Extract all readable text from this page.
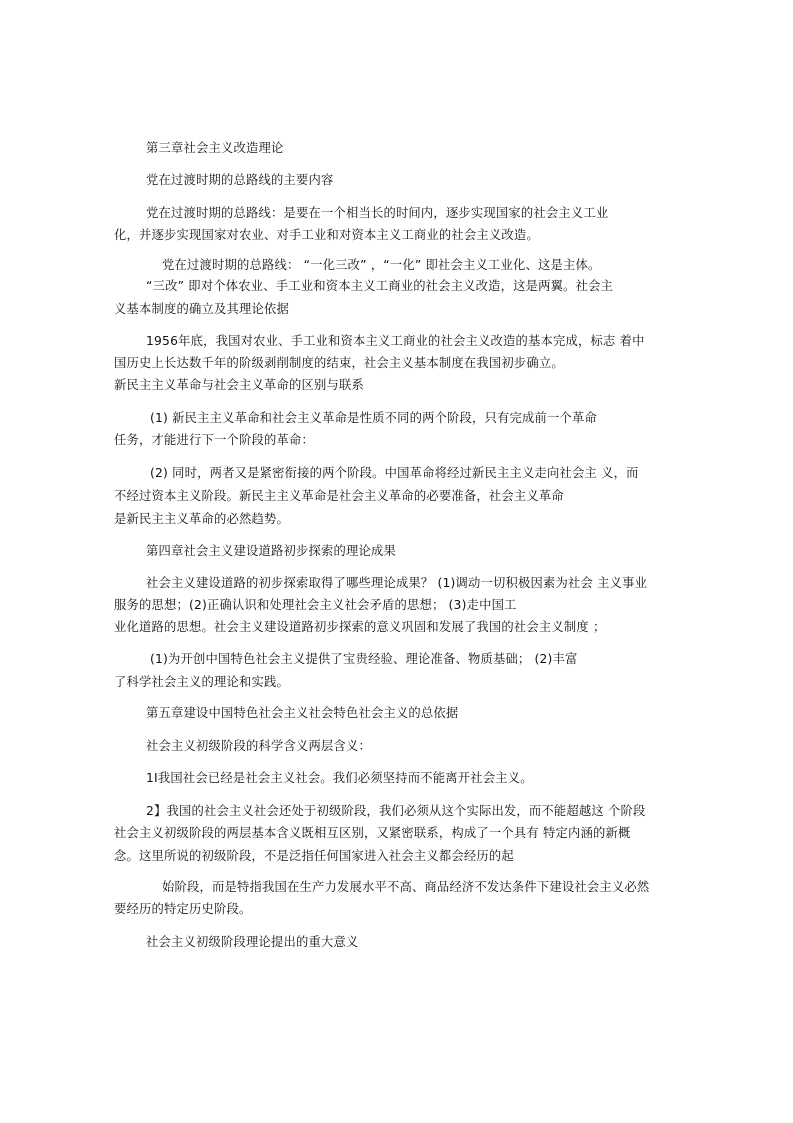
第三章社会主义改造理论
党在过渡时期的总路线的主要内容
党在过渡时期的总路线：是要在一个相当长的时间内，逐步实现国家的社会主义工业
化，并逐步实现国家对农业、对手工业和对资本主义工商业的社会主义改造。
党在过渡时期的总路线： “一化三改” ，“一化” 即社会主义工业化、这是主体。
“三改” 即对个体农业、手工业和资本主义工商业的社会主义改造，这是两翼。社会主
义基本制度的确立及其理论依据
1956年底，我国对农业、手工业和资本主义工商业的社会主义改造的基本完成，标志 着中
国历史上长达数千年的阶级剥削制度的结束，社会主义基本制度在我国初步确立。
新民主主义革命与社会主义革命的区别与联系
(1) 新民主主义革命和社会主义革命是性质不同的两个阶段，只有完成前一个革命
任务，才能进行下一个阶段的革命：
(2) 同时，两者又是紧密衔接的两个阶段。中国革命将经过新民主主义走向社会主 义，而
不经过资本主义阶段。新民主主义革命是社会主义革命的必要准备，社会主义革命
是新民主主义革命的必然趋势。
第四章社会主义建设道路初步探索的理论成果
社会主义建设道路的初步探索取得了哪些理论成果？ (1)调动一切积极因素为社会 主义事业
服务的思想；(2)正确认识和处理社会主义社会矛盾的思想； (3)走中国工
业化道路的思想。社会主义建设道路初步探索的意义巩固和发展了我国的社会主义制度 ；
(1)为开创中国特色社会主义提供了宝贵经验、理论准备、物质基础； (2)丰富
了科学社会主义的理论和实践。
第五章建设中国特色社会主义社会特色社会主义的总依据
社会主义初级阶段的科学含义两层含义：
1I我国社会已经是社会主义社会。我们必须坚持而不能离开社会主义。
2】我国的社会主义社会还处于初级阶段，我们必须从这个实际出发，而不能超越这 个阶段
社会主义初级阶段的两层基本含义既相互区别，又紧密联系，构成了一个具有 特定内涵的新概
念。这里所说的初级阶段，不是泛指任何国家进入社会主义都会经历的起
始阶段，而是特指我国在生产力发展水平不高、商品经济不发达条件下建设社会主义必然
要经历的特定历史阶段。
社会主义初级阶段理论提出的重大意义
